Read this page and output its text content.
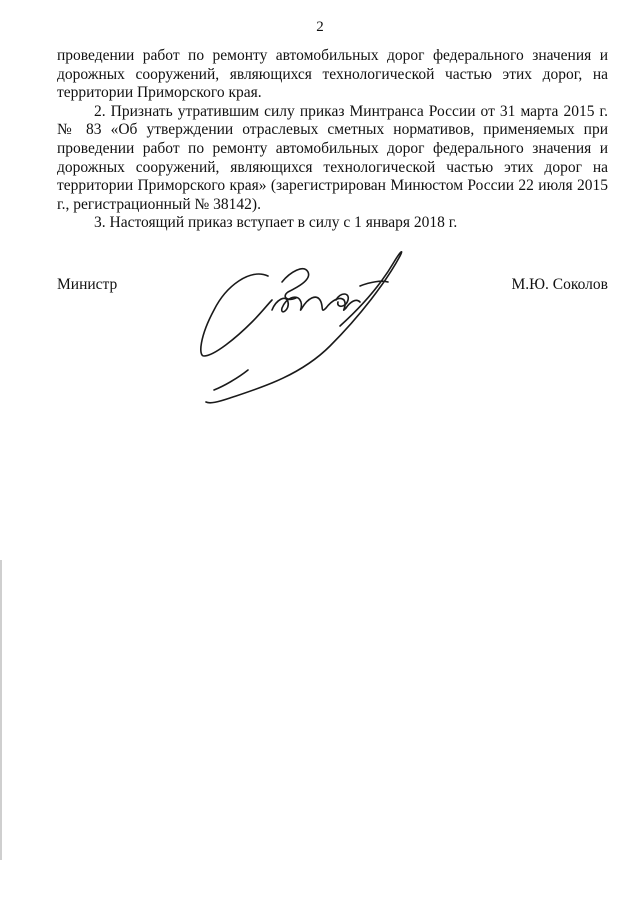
2

проведении работ по ремонту автомобильных дорог федерального значения и дорожных сооружений, являющихся технологической частью этих дорог, на территории Приморского края.

2. Признать утратившим силу приказ Минтранса России от 31 марта 2015 г. № 83 «Об утверждении отраслевых сметных нормативов, применяемых при проведении работ по ремонту автомобильных дорог федерального значения и дорожных сооружений, являющихся технологической частью этих дорог на территории Приморского края» (зарегистрирован Минюстом России 22 июля 2015 г., регистрационный № 38142).

3. Настоящий приказ вступает в силу с 1 января 2018 г.

Министр	М.Ю. Соколов
